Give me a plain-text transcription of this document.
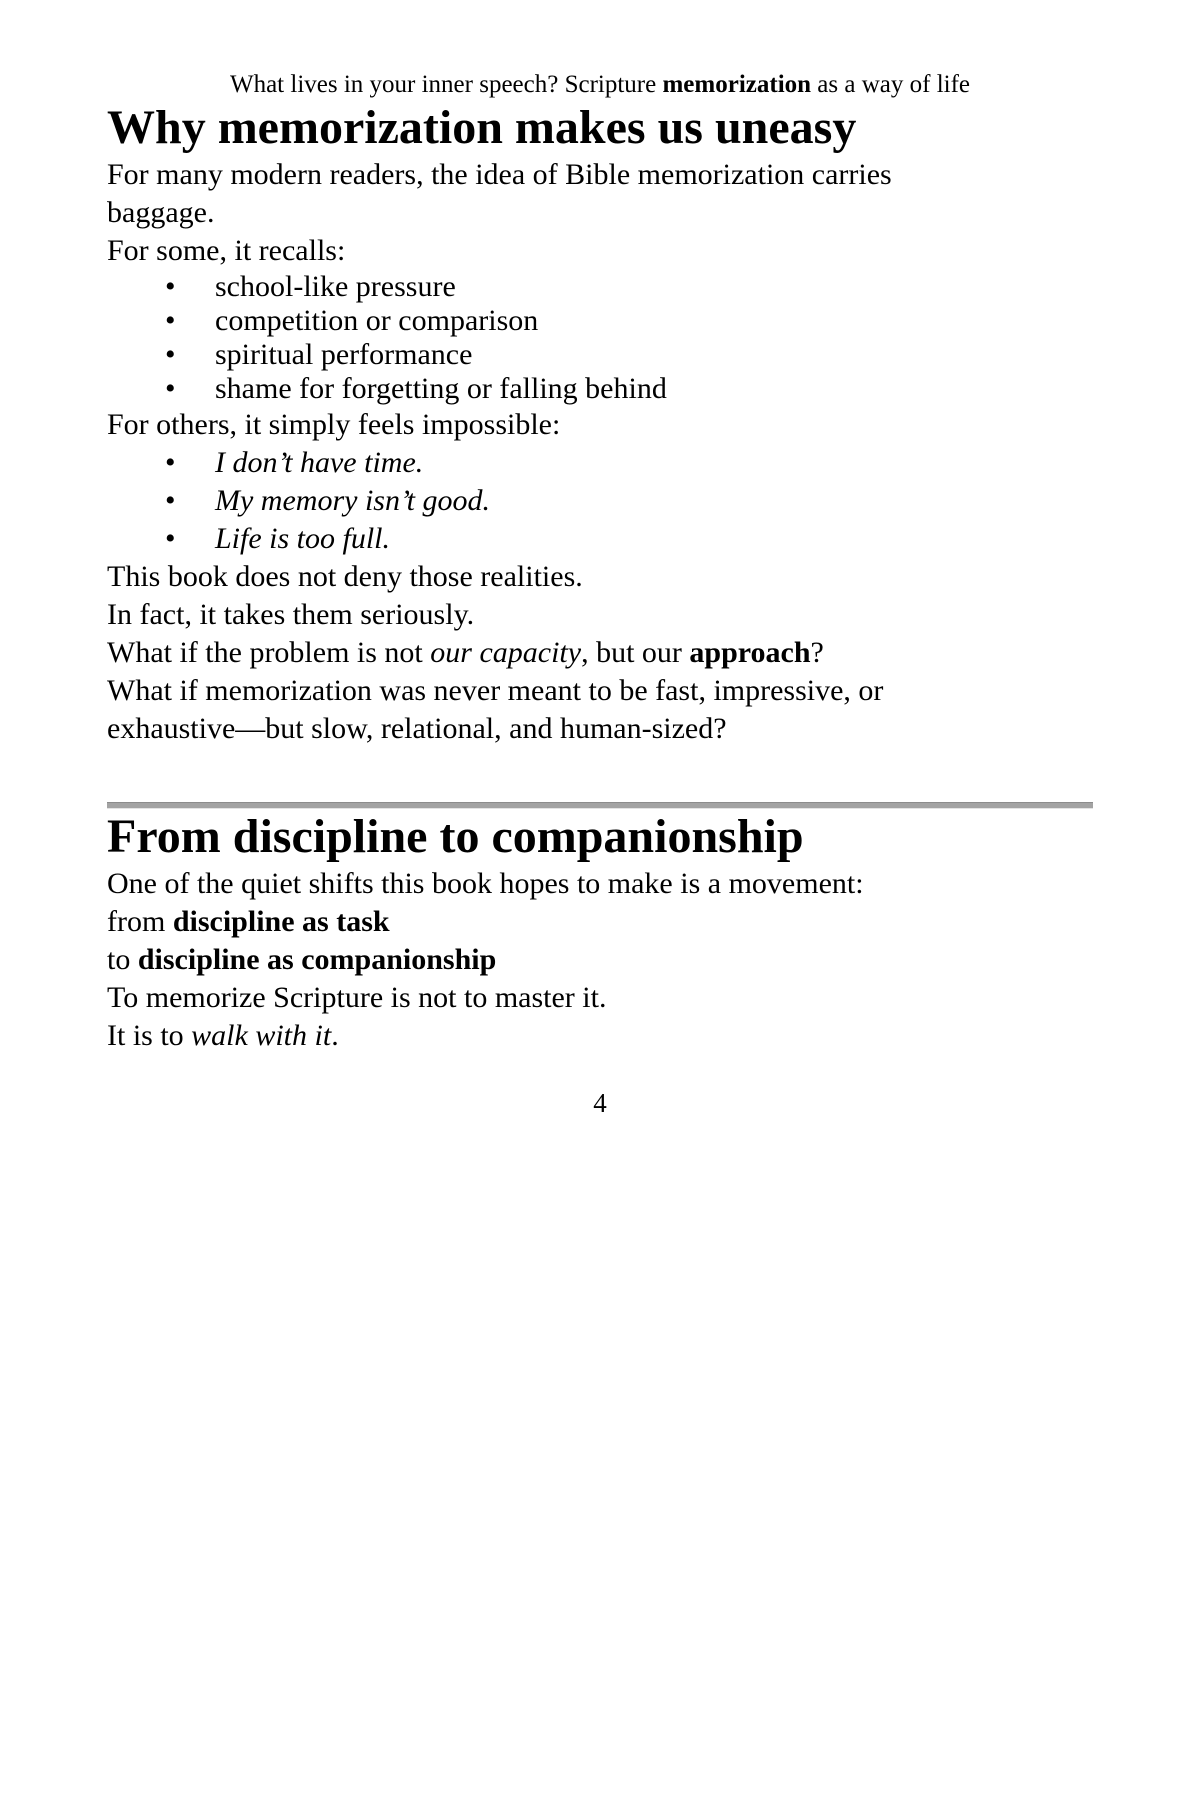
What lives in your inner speech? Scripture memorization as a way of life
Why memorization makes us uneasy

For many modern readers, the idea of Bible memorization carries
baggage.

For some, it recalls:

• school-like pressure
• competition or comparison
• spiritual performance
• shame for forgetting or falling behind

For others, it simply feels impossible:

• I don’t have time.
• My memory isn’t good.
• Life is too full.

This book does not deny those realities.

In fact, it takes them seriously.

What if the problem is not our capacity, but our approach?

What if memorization was never meant to be fast, impressive, or
exhaustive—but slow, relational, and human-sized?

From discipline to companionship

One of the quiet shifts this book hopes to make is a movement:

from discipline as task
to discipline as companionship

To memorize Scripture is not to master it.
It is to walk with it.

4
